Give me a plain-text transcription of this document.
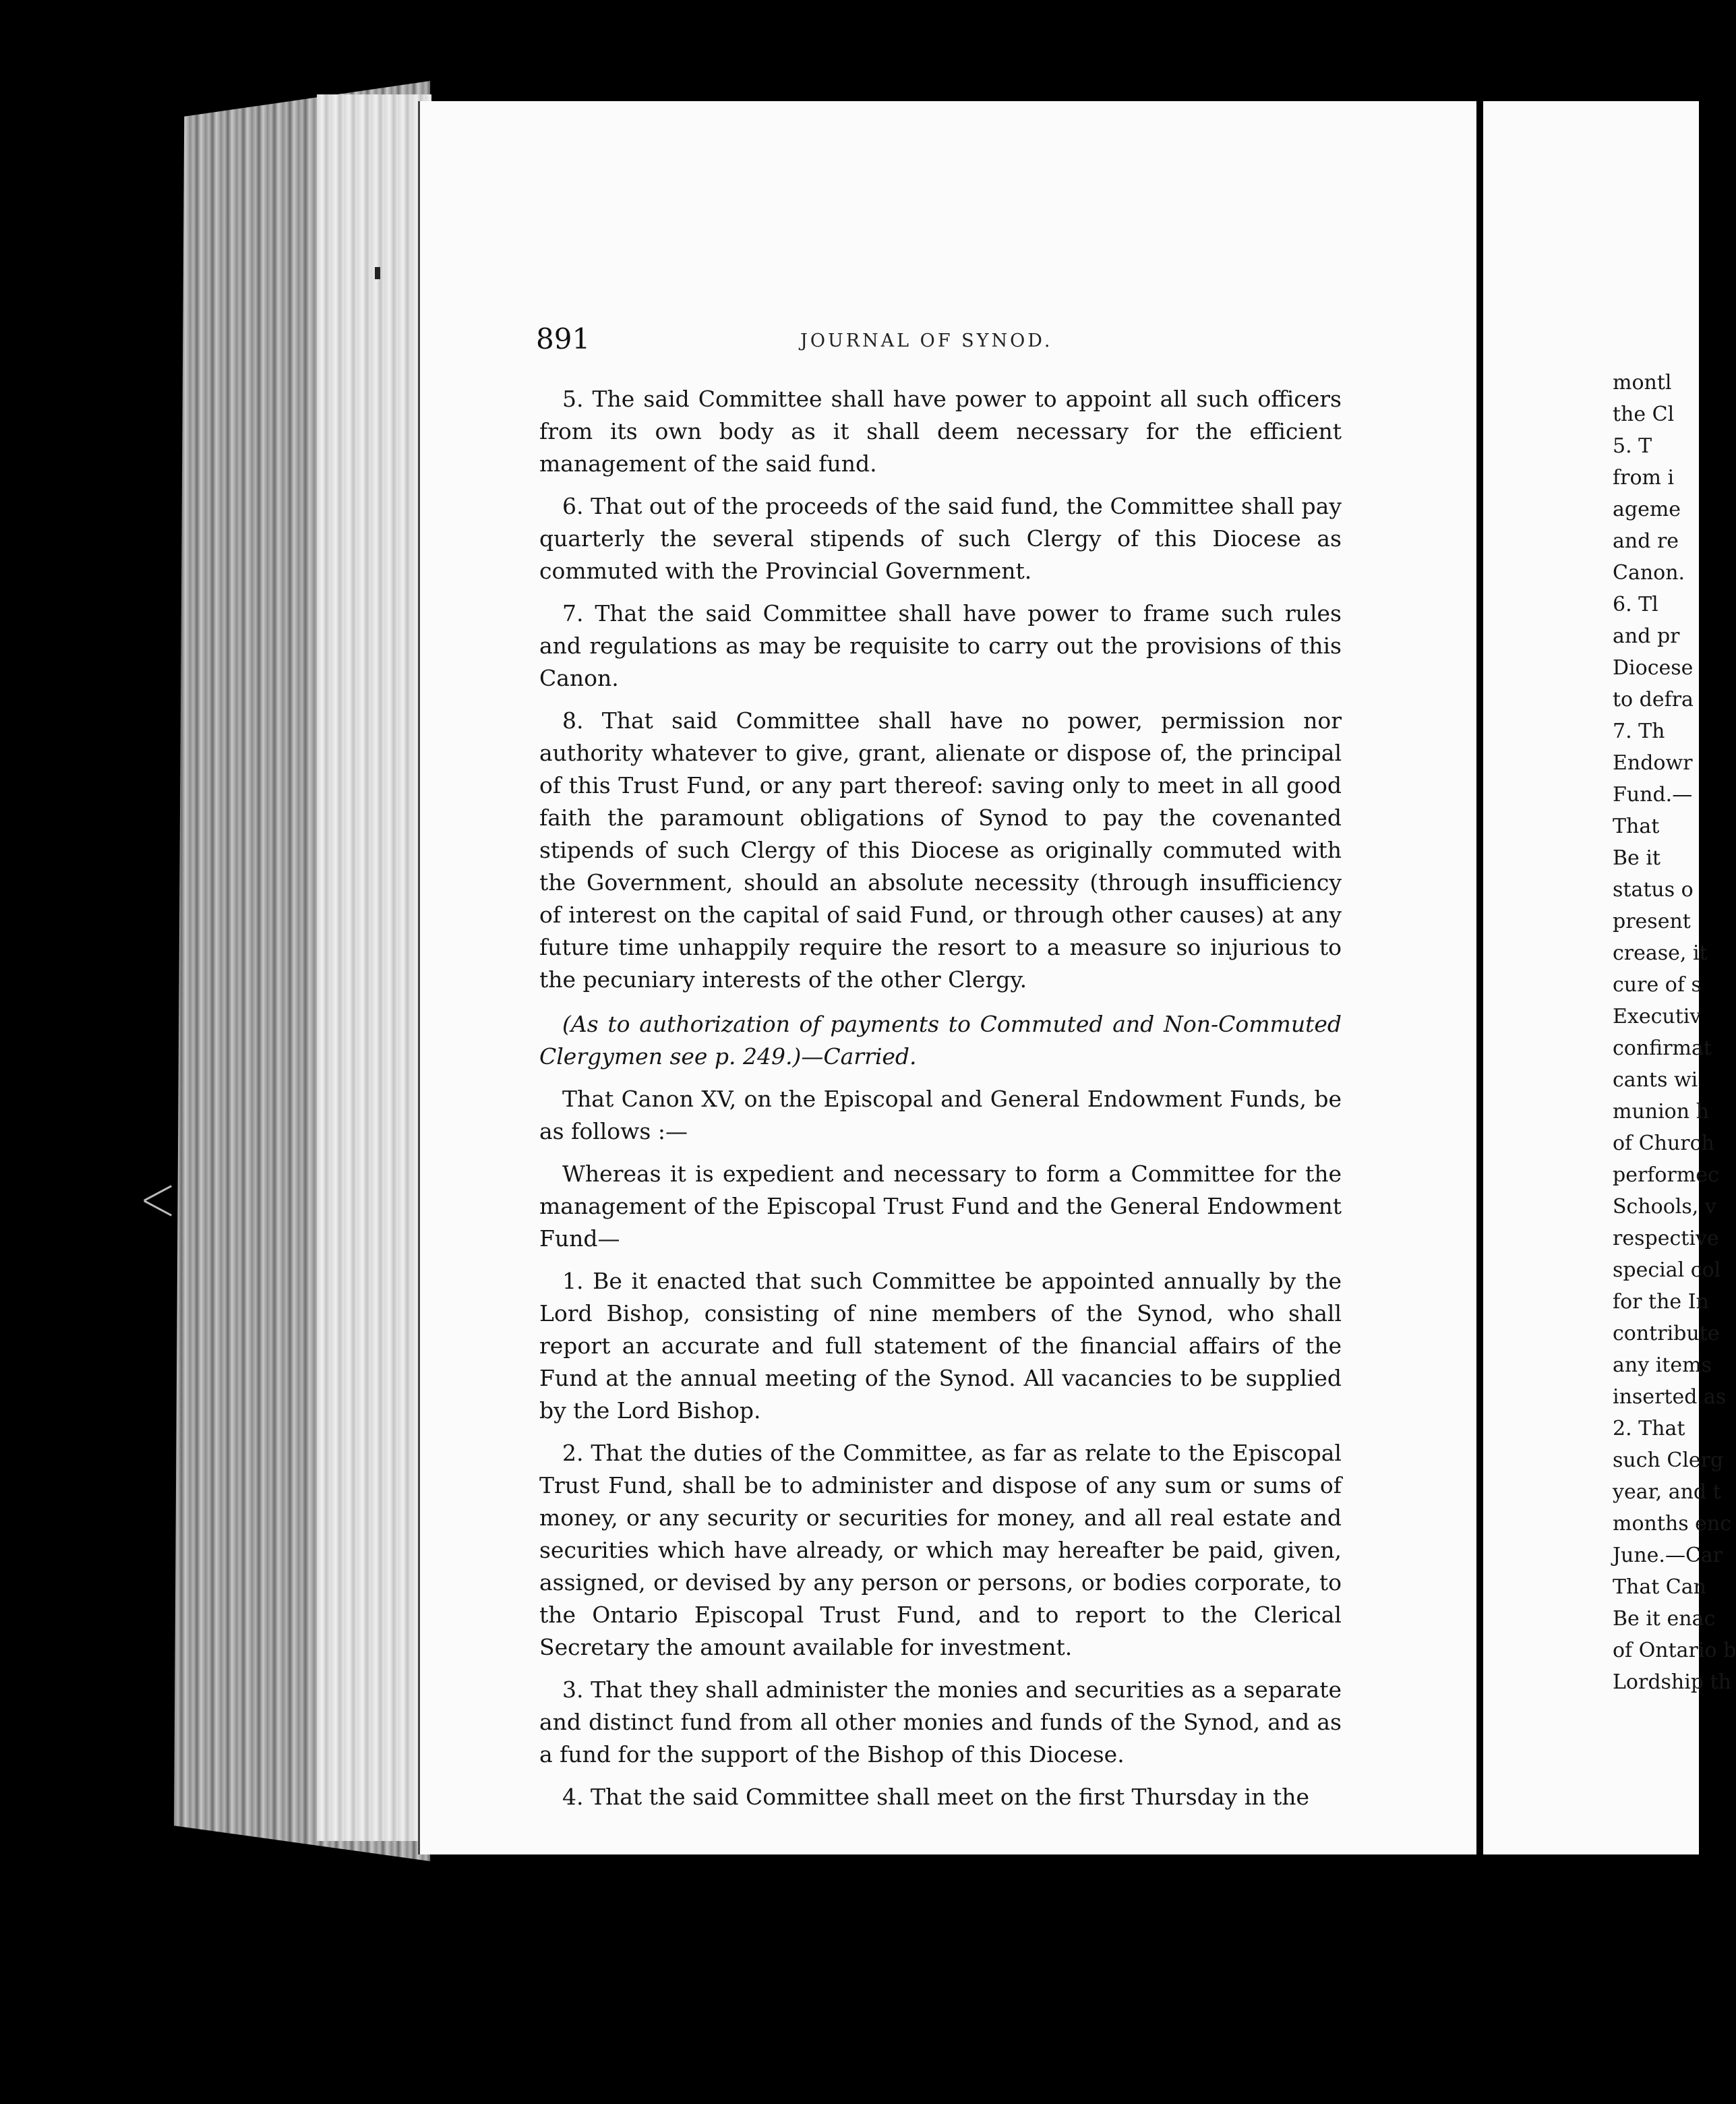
891	JOURNAL OF SYNOD.

5. The said Committee shall have power to appoint all such officers from its own body as it shall deem necessary for the efficient management of the said fund.

6. That out of the proceeds of the said fund, the Committee shall pay quarterly the several stipends of such Clergy of this Diocese as commuted with the Provincial Government.

7. That the said Committee shall have power to frame such rules and regulations as may be requisite to carry out the provisions of this Canon.

8. That said Committee shall have no power, permission nor authority whatever to give, grant, alienate or dispose of, the principal of this Trust Fund, or any part thereof: saving only to meet in all good faith the paramount obligations of Synod to pay the covenanted stipends of such Clergy of this Diocese as originally commuted with the Government, should an absolute necessity (through insufficiency of interest on the capital of said Fund, or through other causes) at any future time unhappily require the resort to a measure so injurious to the pecuniary interests of the other Clergy.

(As to authorization of payments to Commuted and Non-Commuted Clergymen see p. 249.)—Carried.

That Canon XV, on the Episcopal and General Endowment Funds, be as follows :—

Whereas it is expedient and necessary to form a Committee for the management of the Episcopal Trust Fund and the General Endowment Fund—

1. Be it enacted that such Committee be appointed annually by the Lord Bishop, consisting of nine members of the Synod, who shall report an accurate and full statement of the financial affairs of the Fund at the annual meeting of the Synod. All vacancies to be supplied by the Lord Bishop.

2. That the duties of the Committee, as far as relate to the Episcopal Trust Fund, shall be to administer and dispose of any sum or sums of money, or any security or securities for money, and all real estate and securities which have already, or which may hereafter be paid, given, assigned, or devised by any person or persons, or bodies corporate, to the Ontario Episcopal Trust Fund, and to report to the Clerical Secretary the amount available for investment.

3. That they shall administer the monies and securities as a separate and distinct fund from all other monies and funds of the Synod, and as a fund for the support of the Bishop of this Diocese.

4. That the said Committee shall meet on the first Thursday in the

montl
the Cl
5. T
from i
ageme
and re
Canon.
6. Tl
and pr
Diocese
to defra
7. Th
Endowr
Fund.—
That
Be it
status o
present
crease, it
cure of s
Executiv
confirmat
cants wi
munion h
of Church
performec
Schools, v
respective
special col
for the In
contribute
any items
inserted as
2. That
such Clerg
year, and t
months enc
June.—Car
That Can
Be it enac
of Ontario b
Lordship th
